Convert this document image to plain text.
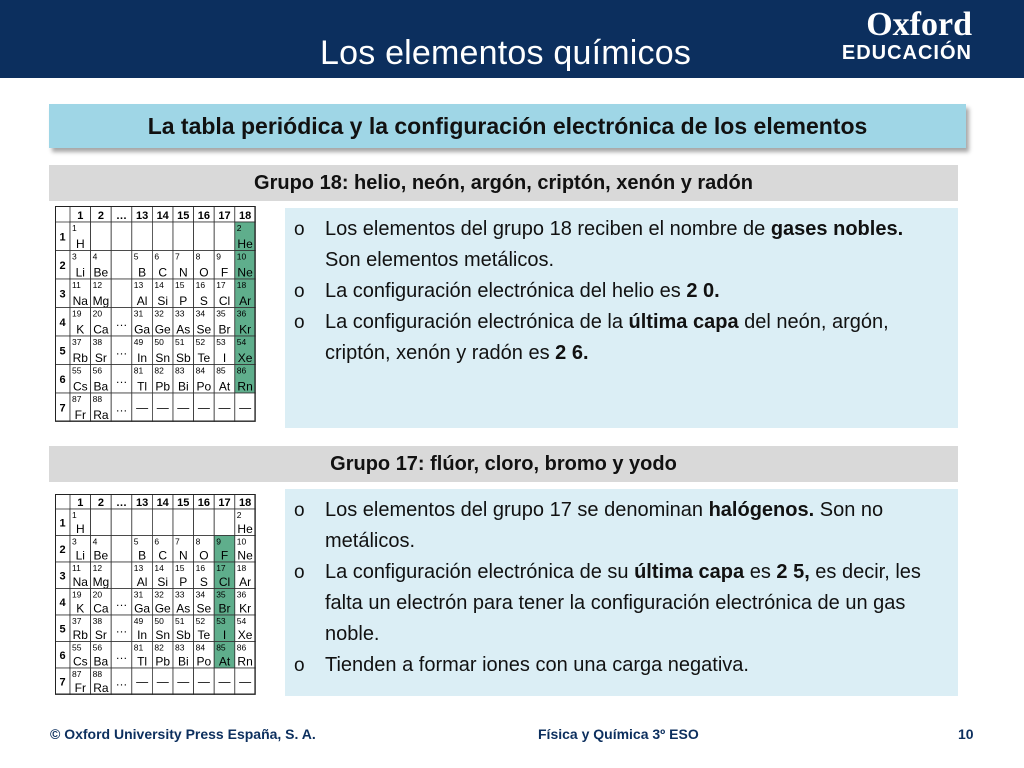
Los elementos químicos
Oxford
EDUCACIÓN
La tabla periódica y la configuración electrónica de los elementos
Grupo 18: helio, neón, argón, criptón, xenón y radón
1 2 … 13 14 15 16 17 18
1
1
H
2
He
2
3
Li
4
Be
5
B
6
C
7
N
8
O
9
F
10
Ne
3
11
Na
12
Mg
13
Al
14
Si
15
P
16
S
17
Cl
18
Ar
4
19
K
20
Ca
…
31
Ga
32
Ge
33
As
34
Se
35
Br
36
Kr
5
37
Rb
38
Sr
…
49
In
50
Sn
51
Sb
52
Te
53
I
54
Xe
6
55
Cs
56
Ba
…
81
Tl
82
Pb
83
Bi
84
Po
85
At
86
Rn
7
87
Fr
88
Ra
… — — — — — —
o Los elementos del grupo 18 reciben el nombre de gases nobles. Son elementos metálicos.
o La configuración electrónica del helio es 2 0.
o La configuración electrónica de la última capa del neón, argón, criptón, xenón y radón es 2 6.
Grupo 17: flúor, cloro, bromo y yodo
1 2 … 13 14 15 16 17 18
1
1
H
2
He
2
3
Li
4
Be
5
B
6
C
7
N
8
O
9
F
10
Ne
3
11
Na
12
Mg
13
Al
14
Si
15
P
16
S
17
Cl
18
Ar
4
19
K
20
Ca …
31
Ga
32
Ge
33
As
34
Se
35
Br
36
Kr
5
37
Rb
38
Sr …
49
In
50
Sn
51
Sb
52
Te
53
I
54
Xe
6
55
Cs
56
Ba …
81
Tl
82
Pb
83
Bi
84
Po
85
At
86
Rn
7
87
Fr
88
Ra … — — — — — —
o Los elementos del grupo 17 se denominan halógenos. Son no metálicos.
o La configuración electrónica de su última capa es 2 5, es decir, les falta un electrón para tener la configuración electrónica de un gas noble.
o Tienden a formar iones con una carga negativa.
© Oxford University Press España, S. A.	Física y Química 3º ESO	10
